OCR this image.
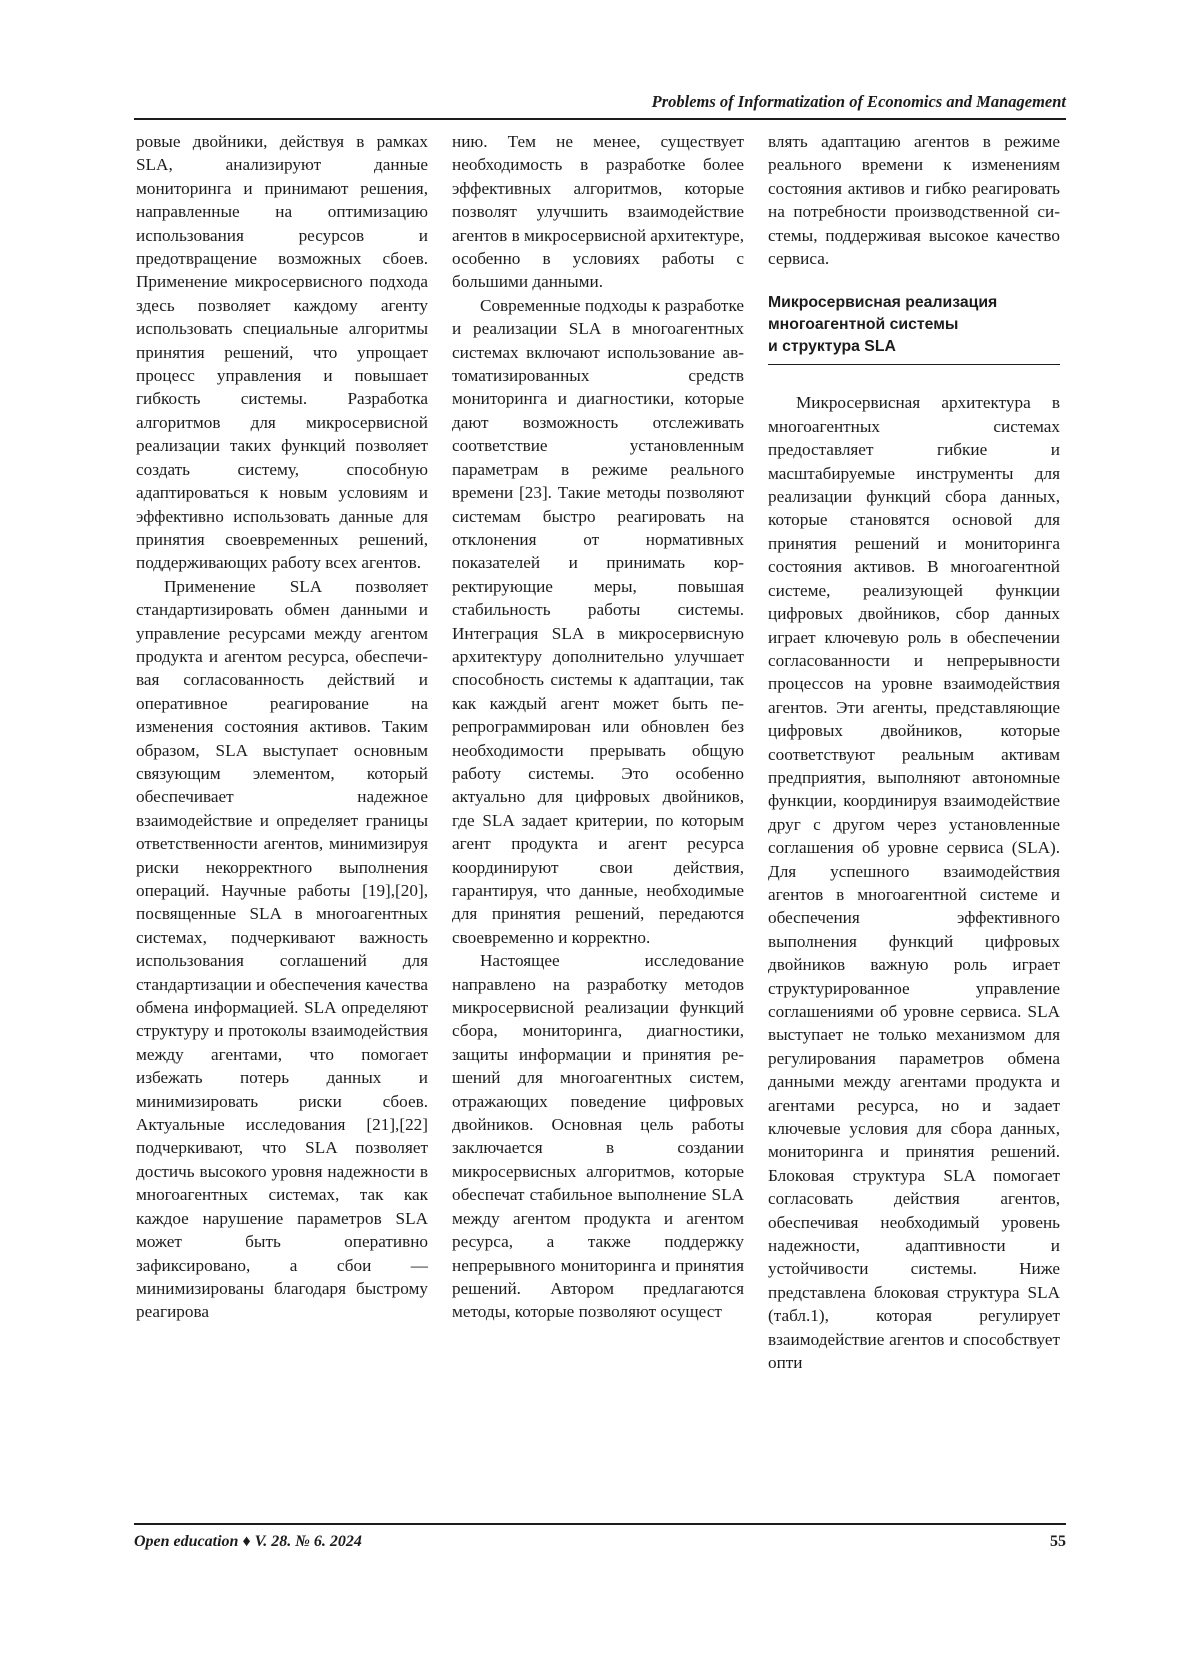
Problems of Informatization of Economics and Management

ровые двойники, действуя в рамках SLA, анализируют данные мониторинга и принимают решения, направленные на оптимизацию использования ресурсов и предотвращение возможных сбоев. Применение микросервисного подхода здесь позволяет каждому агенту использовать специальные алгоритмы принятия решений, что упрощает процесс управления и повышает гибкость системы. Разработка алгоритмов для микросервисной реализации таких функций позволяет создать систему, способную адаптироваться к новым условиям и эффективно использовать данные для принятия своевременных решений, поддерживающих работу всех агентов.

Применение SLA позволяет стандартизировать обмен данными и управление ресурсами между агентом продукта и агентом ресурса, обеспечивая согласованность действий и оперативное реагирование на изменения состояния активов. Таким образом, SLA выступает основным связующим элементом, который обеспечивает надежное взаимодействие и определяет границы ответственности агентов, минимизируя риски некорректного выполнения операций. Научные работы [19],[20], посвященные SLA в многоагентных системах, подчеркивают важность использования соглашений для стандартизации и обеспечения качества обмена информацией. SLA определяют структуру и протоколы взаимодействия между агентами, что помогает избежать потерь данных и минимизировать риски сбоев. Актуальные исследования [21],[22] подчеркивают, что SLA позволяет достичь высокого уровня надежности в многоагентных системах, так как каждое нарушение параметров SLA может быть оперативно зафиксировано, а сбои — минимизированы благодаря быстрому реагирова

нию. Тем не менее, существует необходимость в разработке более эффективных алгоритмов, которые позволят улучшить взаимодействие агентов в микросервисной архитектуре, особенно в условиях работы с большими данными.

Современные подходы к разработке и реализации SLA в многоагентных системах включают использование автоматизированных средств мониторинга и диагностики, которые дают возможность отслеживать соответствие установленным параметрам в режиме реального времени [23]. Такие методы позволяют системам быстро реагировать на отклонения от нормативных показателей и принимать корректирующие меры, повышая стабильность работы системы. Интеграция SLA в микросервисную архитектуру дополнительно улучшает способность системы к адаптации, так как каждый агент может быть перепрограммирован или обновлен без необходимости прерывать общую работу системы. Это особенно актуально для цифровых двойников, где SLA задает критерии, по которым агент продукта и агент ресурса координируют свои действия, гарантируя, что данные, необходимые для принятия решений, передаются своевременно и корректно.

Настоящее исследование направлено на разработку методов микросервисной реализации функций сбора, мониторинга, диагностики, защиты информации и принятия решений для многоагентных систем, отражающих поведение цифровых двойников. Основная цель работы заключается в создании микросервисных алгоритмов, которые обеспечат стабильное выполнение SLA между агентом продукта и агентом ресурса, а также поддержку непрерывного мониторинга и принятия решений. Автором предлагаются методы, которые позволяют осущест

влять адаптацию агентов в режиме реального времени к изменениям состояния активов и гибко реагировать на потребности производственной системы, поддерживая высокое качество сервиса.

Микросервисная реализация
многоагентной системы
и структура SLA

Микросервисная архитектура в многоагентных системах предоставляет гибкие и масштабируемые инструменты для реализации функций сбора данных, которые становятся основой для принятия решений и мониторинга состояния активов. В многоагентной системе, реализующей функции цифровых двойников, сбор данных играет ключевую роль в обеспечении согласованности и непрерывности процессов на уровне взаимодействия агентов. Эти агенты, представляющие цифровых двойников, которые соответствуют реальным активам предприятия, выполняют автономные функции, координируя взаимодействие друг с другом через установленные соглашения об уровне сервиса (SLA). Для успешного взаимодействия агентов в многоагентной системе и обеспечения эффективного выполнения функций цифровых двойников важную роль играет структурированное управление соглашениями об уровне сервиса. SLA выступает не только механизмом для регулирования параметров обмена данными между агентами продукта и агентами ресурса, но и задает ключевые условия для сбора данных, мониторинга и принятия решений. Блоковая структура SLA помогает согласовать действия агентов, обеспечивая необходимый уровень надежности, адаптивности и устойчивости системы. Ниже представлена блоковая структура SLA (табл.1), которая регулирует взаимодействие агентов и способствует опти

Open education ♦ V. 28. № 6. 2024	55
